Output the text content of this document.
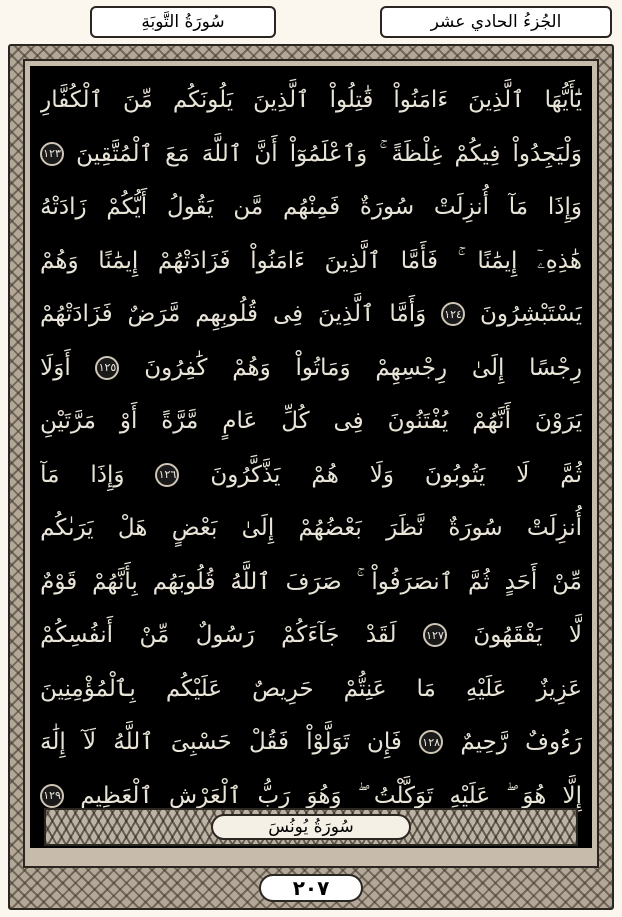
الجُزءُ الحادي عشر
سُورَةُ التَّوبَةِ
يَٰٓأَيُّهَا
ٱلَّذِينَ
ءَامَنُواْ
قَٰتِلُواْ
ٱلَّذِينَ
يَلُونَكُم
مِّنَ
ٱلْكُفَّارِ
وَلْيَجِدُواْ
فِيكُمْ
غِلْظَةً
وَٱعْلَمُوٓاْ
أَنَّ
ٱللَّهَ
مَعَ
ٱلْمُتَّقِينَ
١٢٣
وَإِذَا
مَآ
أُنزِلَتْ
سُورَةٌ
فَمِنْهُم
مَّن
يَقُولُ
أَيُّكُمْ
زَادَتْهُ
هَٰذِهِۦٓ
إِيمَٰنًا
فَأَمَّا
ٱلَّذِينَ
ءَامَنُواْ
فَزَادَتْهُمْ
إِيمَٰنًا
وَهُمْ
يَسْتَبْشِرُونَ
١٢٤
وَأَمَّا
ٱلَّذِينَ
فِى
قُلُوبِهِم
مَّرَضٌ
فَزَادَتْهُمْ
رِجْسًا
إِلَىٰ
رِجْسِهِمْ
وَمَاتُواْ
وَهُمْ
كَٰفِرُونَ
١٢٥
أَوَلَا
يَرَوْنَ
أَنَّهُمْ
يُفْتَنُونَ
فِى
كُلِّ
عَامٍ
مَّرَّةً
أَوْ
مَرَّتَيْنِ
ثُمَّ
لَا
يَتُوبُونَ
وَلَا
هُمْ
يَذَّكَّرُونَ
١٢٦
وَإِذَا
مَآ
أُنزِلَتْ
سُورَةٌ
نَّظَرَ
بَعْضُهُمْ
إِلَىٰ
بَعْضٍ
هَلْ
يَرَىٰكُم
مِّنْ
أَحَدٍ
ثُمَّ
ٱنصَرَفُواْ
صَرَفَ
ٱللَّهُ
قُلُوبَهُم
بِأَنَّهُمْ
قَوْمٌ
لَّا
يَفْقَهُونَ
١٢٧
لَقَدْ
جَآءَكُمْ
رَسُولٌ
مِّنْ
أَنفُسِكُمْ
عَزِيزٌ
عَلَيْهِ
مَا
عَنِتُّمْ
حَرِيصٌ
عَلَيْكُم
بِٱلْمُؤْمِنِينَ
رَءُوفٌ
رَّحِيمٌ
١٢٨
فَإِن
تَوَلَّوْاْ
فَقُلْ
حَسْبِىَ
ٱللَّهُ
لَآ
إِلَٰهَ
إِلَّا
هُوَ
عَلَيْهِ
تَوَكَّلْتُ
وَهُوَ
رَبُّ
ٱلْعَرْشِ
ٱلْعَظِيمِ
١٢٩
سُورَةُ يُونُسَ
٢٠٧
